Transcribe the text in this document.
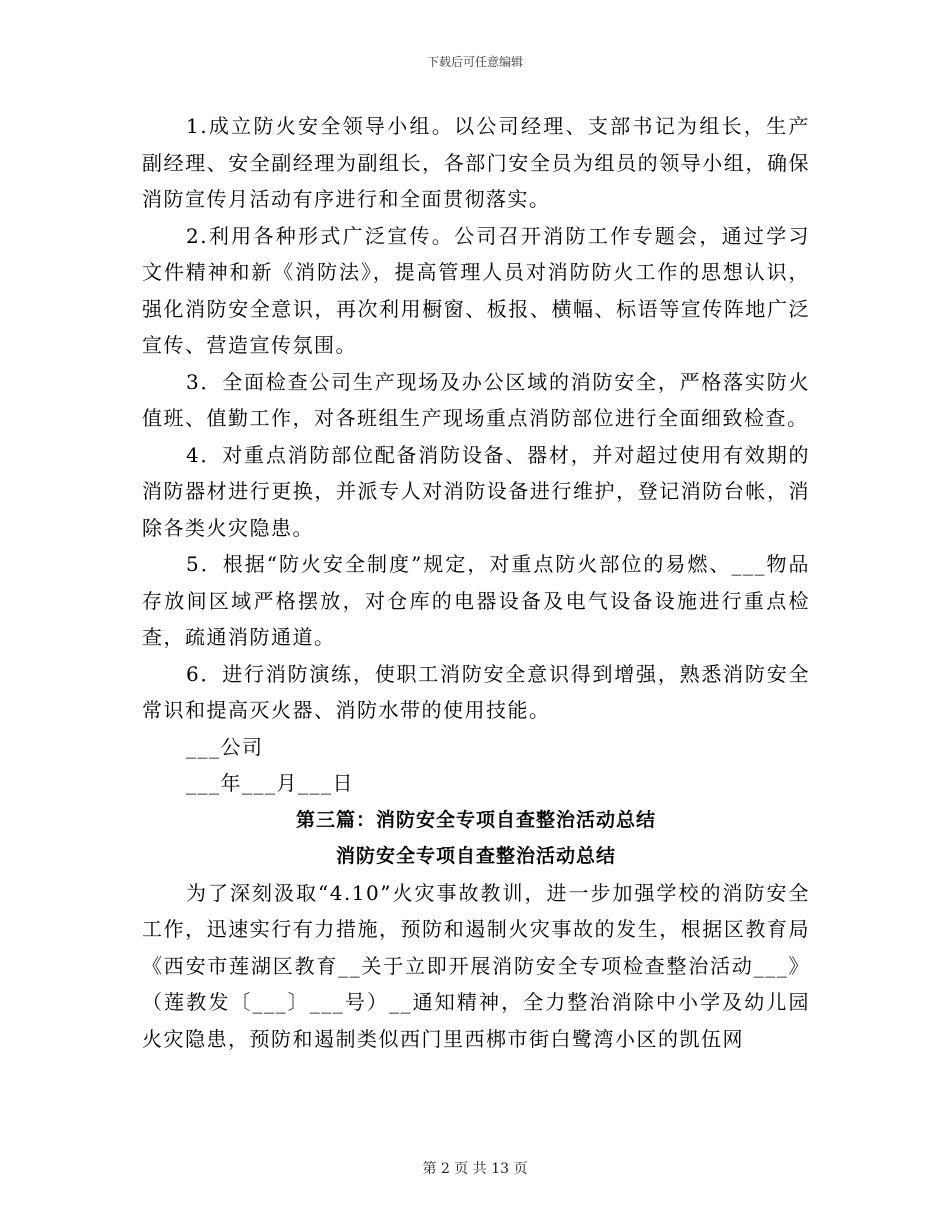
下载后可任意编辑

1.成立防火安全领导小组。以公司经理、支部书记为组长，生产副经理、安全副经理为副组长，各部门安全员为组员的领导小组，确保消防宣传月活动有序进行和全面贯彻落实。

2.利用各种形式广泛宣传。公司召开消防工作专题会，通过学习文件精神和新《消防法》，提高管理人员对消防防火工作的思想认识，强化消防安全意识，再次利用橱窗、板报、横幅、标语等宣传阵地广泛宣传、营造宣传氛围。

3．全面检查公司生产现场及办公区域的消防安全，严格落实防火值班、值勤工作，对各班组生产现场重点消防部位进行全面细致检查。

4．对重点消防部位配备消防设备、器材，并对超过使用有效期的消防器材进行更换，并派专人对消防设备进行维护，登记消防台帐，消除各类火灾隐患。

5．根据“防火安全制度”规定，对重点防火部位的易燃、___物品存放间区域严格摆放，对仓库的电器设备及电气设备设施进行重点检查，疏通消防通道。

6．进行消防演练，使职工消防安全意识得到增强，熟悉消防安全常识和提高灭火器、消防水带的使用技能。

___公司

___年___月___日

第三篇：消防安全专项自查整治活动总结

消防安全专项自查整治活动总结

为了深刻汲取“4.10”火灾事故教训，进一步加强学校的消防安全工作，迅速实行有力措施，预防和遏制火灾事故的发生，根据区教育局《西安市莲湖区教育__关于立即开展消防安全专项检查整治活动___》（莲教发〔___〕___号）__通知精神，全力整治消除中小学及幼儿园火灾隐患，预防和遏制类似西门里西梆市街白鹭湾小区的凯伍网

第 2 页 共 13 页
